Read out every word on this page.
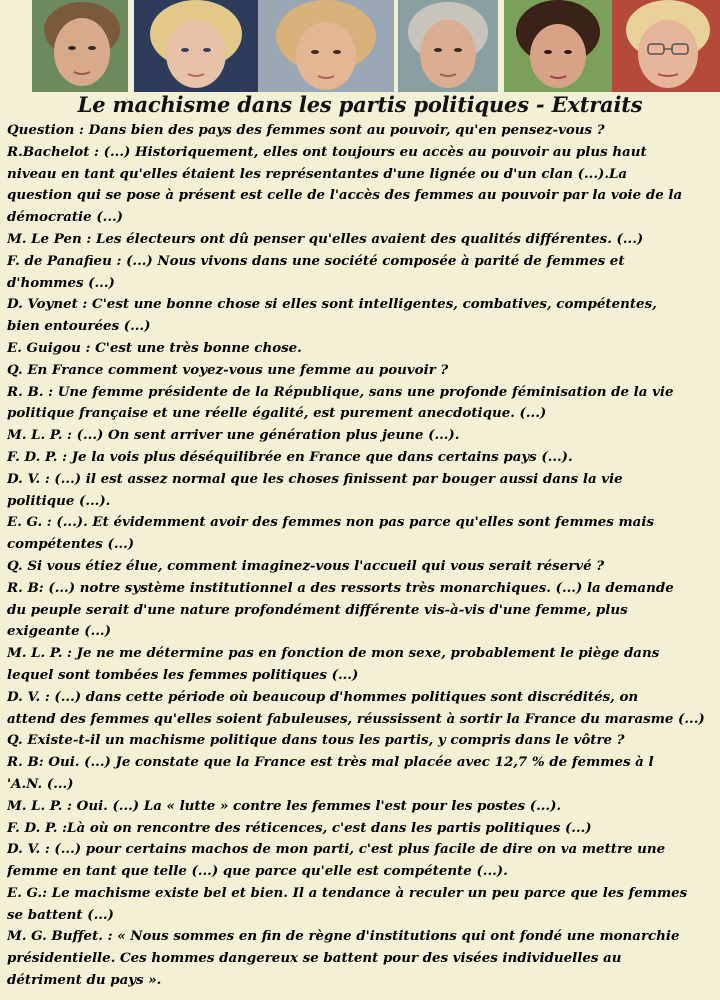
Le machisme dans les partis politiques - Extraits
Question : Dans bien des pays des femmes sont au pouvoir, qu'en pensez-vous ?
R.Bachelot : (...) Historiquement, elles ont toujours eu accès au pouvoir au plus haut
niveau en tant qu'elles étaient les représentantes d'une lignée ou d'un clan (...).La
question qui se pose à présent est celle de l'accès des femmes au pouvoir par la voie de la
démocratie (...)
M. Le Pen : Les électeurs ont dû penser qu'elles avaient des qualités différentes. (...)
F. de Panafieu : (...) Nous vivons dans une société composée à parité de femmes et
d'hommes (...)
D. Voynet : C'est une bonne chose si elles sont intelligentes, combatives, compétentes,
bien entourées (...)
E. Guigou : C'est une très bonne chose.
Q. En France comment voyez-vous une femme au pouvoir ?
R. B. : Une femme présidente de la République, sans une profonde féminisation de la vie
politique française et une réelle égalité, est purement anecdotique. (...)
M. L. P. : (...) On sent arriver une génération plus jeune (...).
F. D. P. : Je la vois plus déséquilibrée en France que dans certains pays (...).
D. V. : (...) il est assez normal que les choses finissent par bouger aussi dans la vie
politique (...).
E. G. : (...). Et évidemment avoir des femmes non pas parce qu'elles sont femmes mais
compétentes (...)
Q. Si vous étiez élue, comment imaginez-vous l'accueil qui vous serait réservé ?
R. B: (...) notre système institutionnel a des ressorts très monarchiques. (...) la demande
du peuple serait d'une nature profondément différente vis-à-vis d'une femme, plus
exigeante (...)
M. L. P. : Je ne me détermine pas en fonction de mon sexe, probablement le piège dans
lequel sont tombées les femmes politiques (...)
D. V. : (...) dans cette période où beaucoup d'hommes politiques sont discrédités, on
attend des femmes qu'elles soient fabuleuses, réussissent à sortir la France du marasme (...)
Q. Existe-t-il un machisme politique dans tous les partis, y compris dans le vôtre ?
R. B: Oui. (...) Je constate que la France est très mal placée avec 12,7 % de femmes à l
'A.N. (...)
M. L. P. : Oui. (...) La « lutte » contre les femmes l'est pour les postes (...).
F. D. P. :Là où on rencontre des réticences, c'est dans les partis politiques (...)
D. V. : (...) pour certains machos de mon parti, c'est plus facile de dire on va mettre une
femme en tant que telle (...) que parce qu'elle est compétente (...).
E. G.: Le machisme existe bel et bien. Il a tendance à reculer un peu parce que les femmes
se battent (...)
M. G. Buffet. : « Nous sommes en fin de règne d'institutions qui ont fondé une monarchie
présidentielle. Ces hommes dangereux se battent pour des visées individuelles au
détriment du pays ».
